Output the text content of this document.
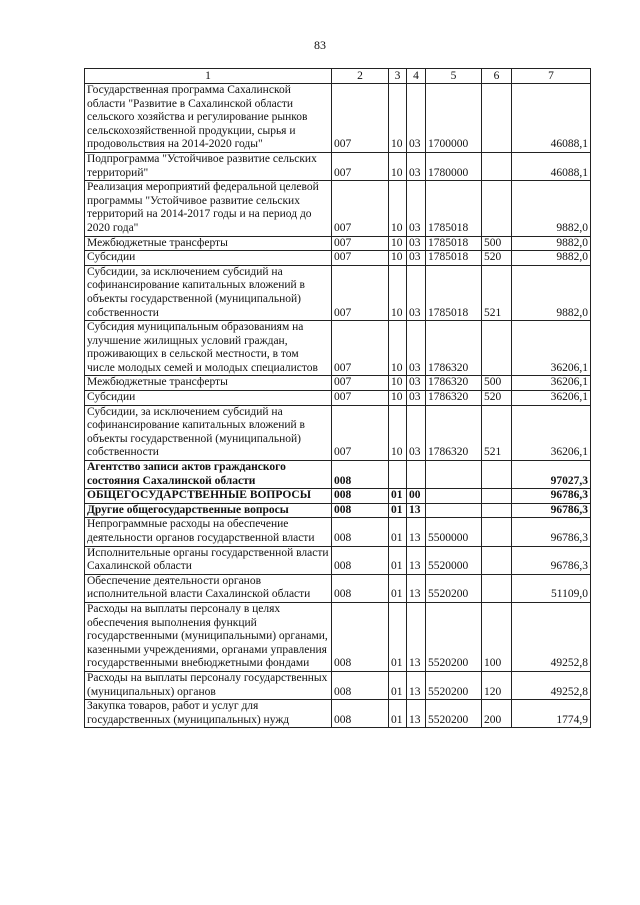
83
1	2	3	4	5	6	7
Государственная программа Сахалинской области "Развитие в Сахалинской области сельского хозяйства и регулирование рынков сельскохозяйственной продукции, сырья и продовольствия на 2014-2020 годы"	007	10	03	1700000		46088,1
Подпрограмма "Устойчивое развитие сельских территорий"	007	10	03	1780000		46088,1
Реализация мероприятий федеральной целевой программы "Устойчивое развитие сельских территорий на 2014-2017 годы и на период до 2020 года"	007	10	03	1785018		9882,0
Межбюджетные трансферты	007	10	03	1785018	500	9882,0
Субсидии	007	10	03	1785018	520	9882,0
Субсидии, за исключением субсидий на софинансирование капитальных вложений в объекты государственной (муниципальной) собственности	007	10	03	1785018	521	9882,0
Субсидия муниципальным образованиям на улучшение жилищных условий граждан, проживающих в сельской местности, в том числе молодых семей и молодых специалистов	007	10	03	1786320		36206,1
Межбюджетные трансферты	007	10	03	1786320	500	36206,1
Субсидии	007	10	03	1786320	520	36206,1
Субсидии, за исключением субсидий на софинансирование капитальных вложений в объекты государственной (муниципальной) собственности	007	10	03	1786320	521	36206,1
Агентство записи актов гражданского состояния Сахалинской области	008					97027,3
ОБЩЕГОСУДАРСТВЕННЫЕ ВОПРОСЫ	008	01	00			96786,3
Другие общегосударственные вопросы	008	01	13			96786,3
Непрограммные расходы на обеспечение деятельности органов государственной власти	008	01	13	5500000		96786,3
Исполнительные органы государственной власти Сахалинской области	008	01	13	5520000		96786,3
Обеспечение деятельности органов исполнительной власти Сахалинской области	008	01	13	5520200		51109,0
Расходы на выплаты персоналу в целях обеспечения выполнения функций государственными (муниципальными) органами, казенными учреждениями, органами управления государственными внебюджетными фондами	008	01	13	5520200	100	49252,8
Расходы на выплаты персоналу государственных (муниципальных) органов	008	01	13	5520200	120	49252,8
Закупка товаров, работ и услуг для государственных (муниципальных) нужд	008	01	13	5520200	200	1774,9
